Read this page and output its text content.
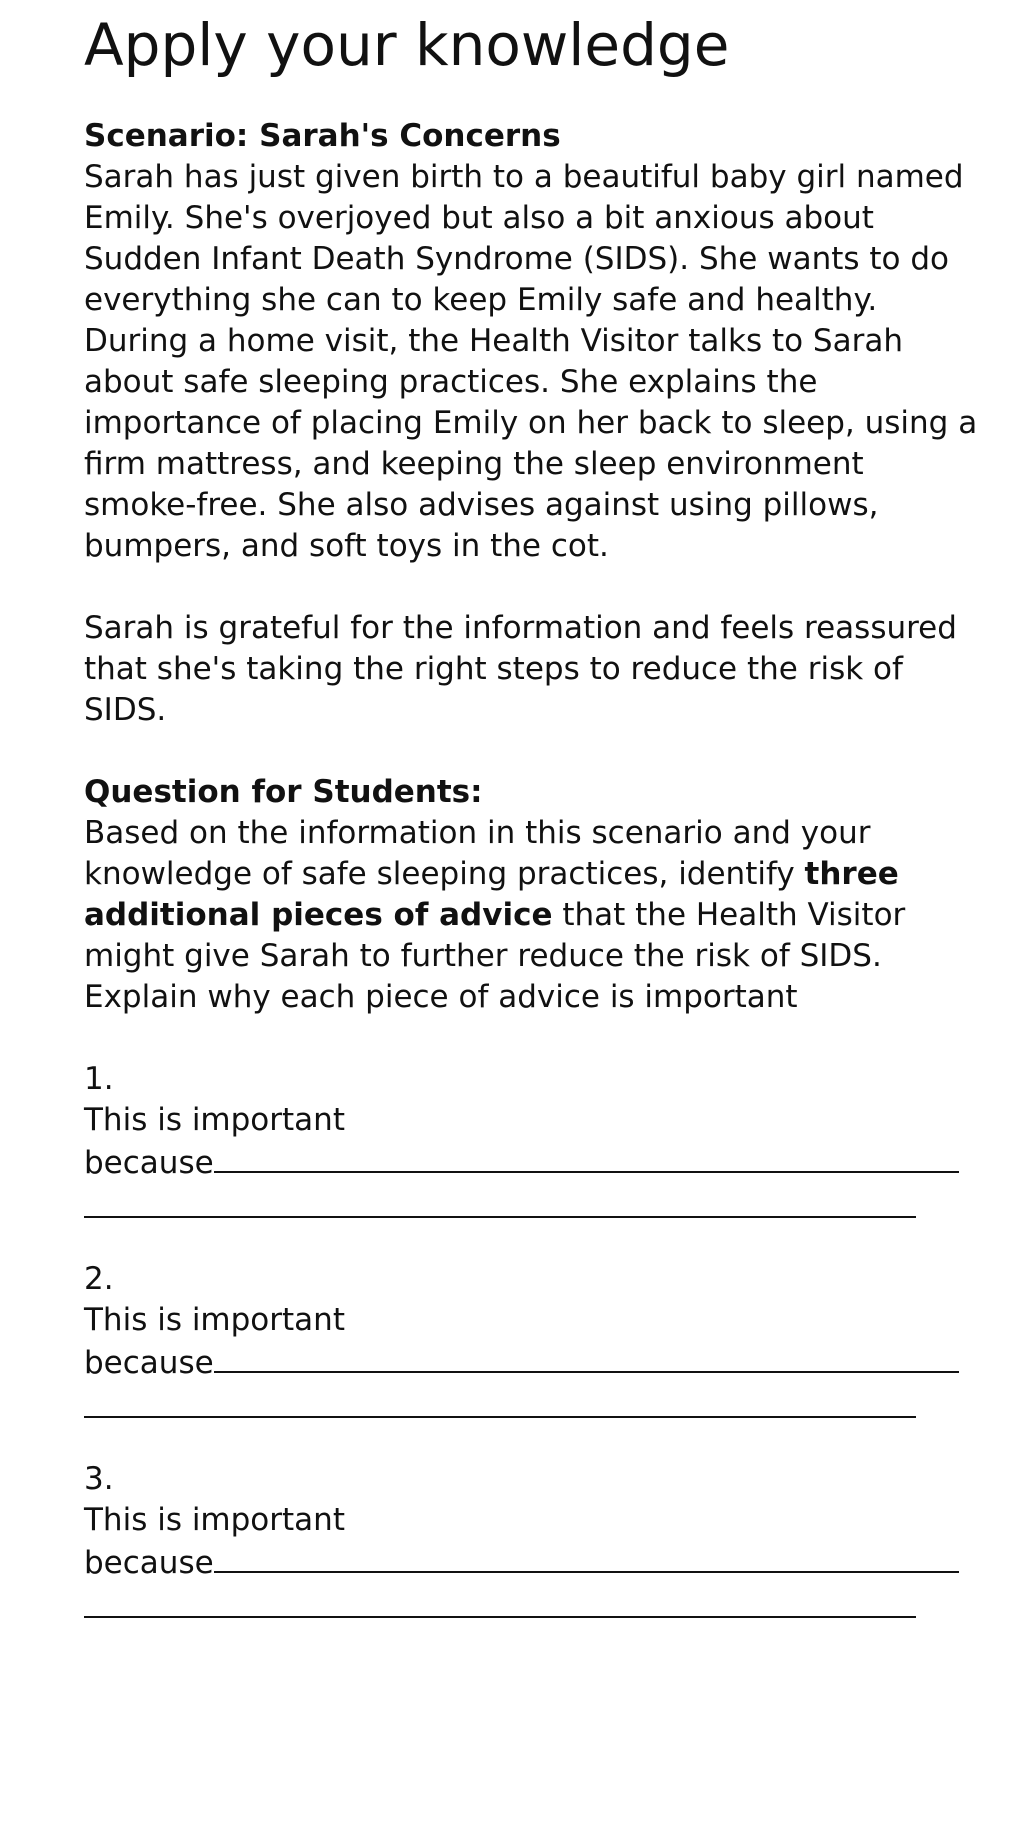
Apply your knowledge

Scenario: Sarah's Concerns

Sarah has just given birth to a beautiful baby girl named Emily. She's overjoyed but also a bit anxious about Sudden Infant Death Syndrome (SIDS). She wants to do everything she can to keep Emily safe and healthy.

During a home visit, the Health Visitor talks to Sarah about safe sleeping practices. She explains the importance of placing Emily on her back to sleep, using a firm mattress, and keeping the sleep environment smoke-free. She also advises against using pillows, bumpers, and soft toys in the cot.

Sarah is grateful for the information and feels reassured that she's taking the right steps to reduce the risk of SIDS.

Question for Students:

Based on the information in this scenario and your knowledge of safe sleeping practices, identify three additional pieces of advice that the Health Visitor might give Sarah to further reduce the risk of SIDS. Explain why each piece of advice is important

1.
This is important
because
2.
This is important
because
3.
This is important
because
